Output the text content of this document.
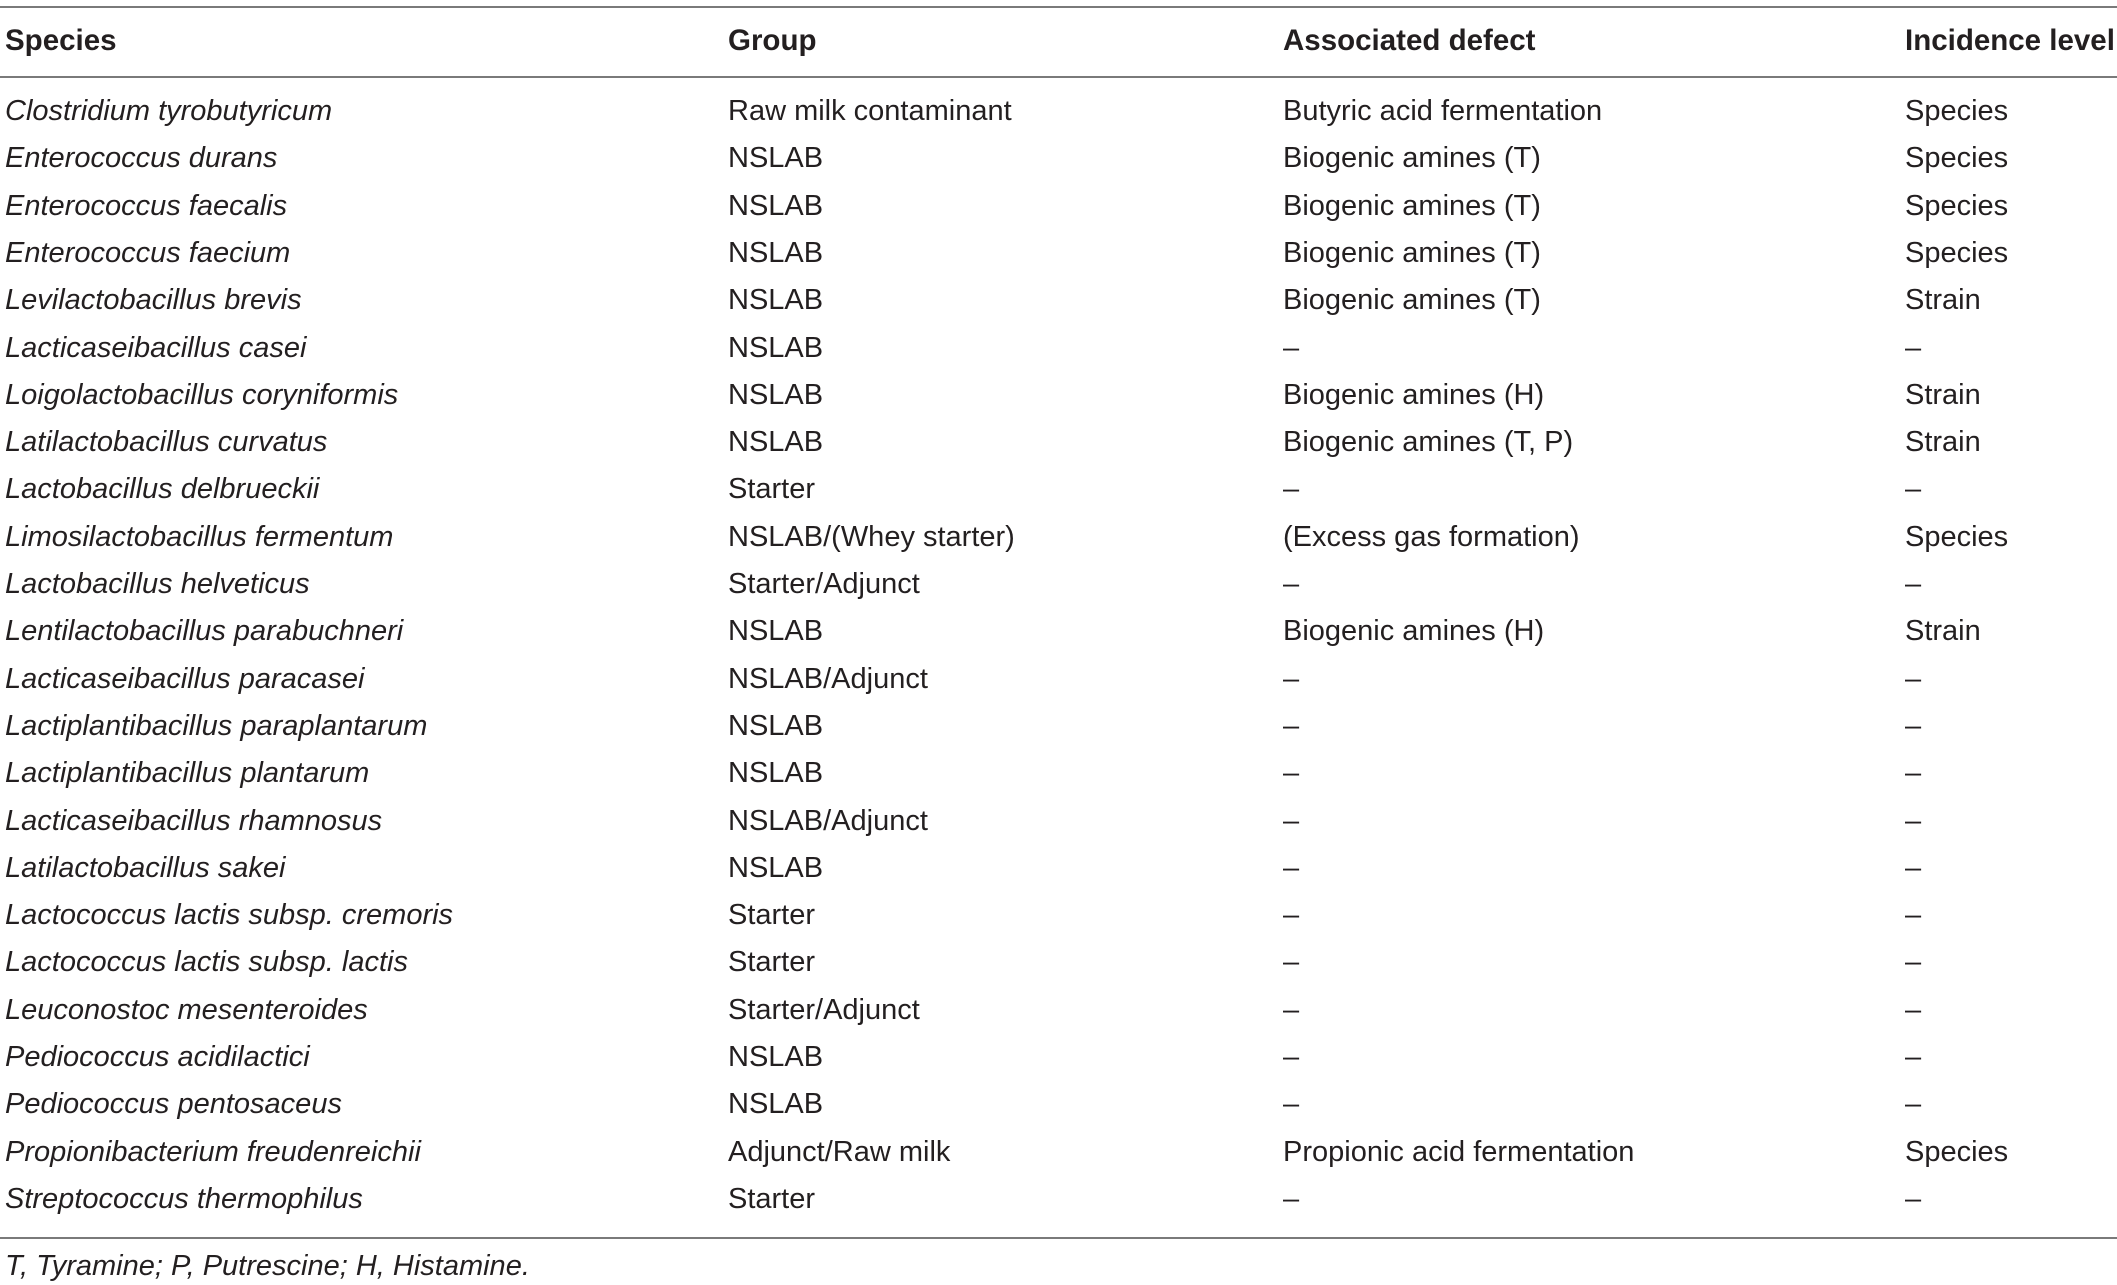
Species	Group	Associated defect	Incidence level
Clostridium tyrobutyricum	Raw milk contaminant	Butyric acid fermentation	Species
Enterococcus durans	NSLAB	Biogenic amines (T)	Species
Enterococcus faecalis	NSLAB	Biogenic amines (T)	Species
Enterococcus faecium	NSLAB	Biogenic amines (T)	Species
Levilactobacillus brevis	NSLAB	Biogenic amines (T)	Strain
Lacticaseibacillus casei	NSLAB	–	–
Loigolactobacillus coryniformis	NSLAB	Biogenic amines (H)	Strain
Latilactobacillus curvatus	NSLAB	Biogenic amines (T, P)	Strain
Lactobacillus delbrueckii	Starter	–	–
Limosilactobacillus fermentum	NSLAB/(Whey starter)	(Excess gas formation)	Species
Lactobacillus helveticus	Starter/Adjunct	–	–
Lentilactobacillus parabuchneri	NSLAB	Biogenic amines (H)	Strain
Lacticaseibacillus paracasei	NSLAB/Adjunct	–	–
Lactiplantibacillus paraplantarum	NSLAB	–	–
Lactiplantibacillus plantarum	NSLAB	–	–
Lacticaseibacillus rhamnosus	NSLAB/Adjunct	–	–
Latilactobacillus sakei	NSLAB	–	–
Lactococcus lactis subsp. cremoris	Starter	–	–
Lactococcus lactis subsp. lactis	Starter	–	–
Leuconostoc mesenteroides	Starter/Adjunct	–	–
Pediococcus acidilactici	NSLAB	–	–
Pediococcus pentosaceus	NSLAB	–	–
Propionibacterium freudenreichii	Adjunct/Raw milk	Propionic acid fermentation	Species
Streptococcus thermophilus	Starter	–	–
T, Tyramine; P, Putrescine; H, Histamine.
